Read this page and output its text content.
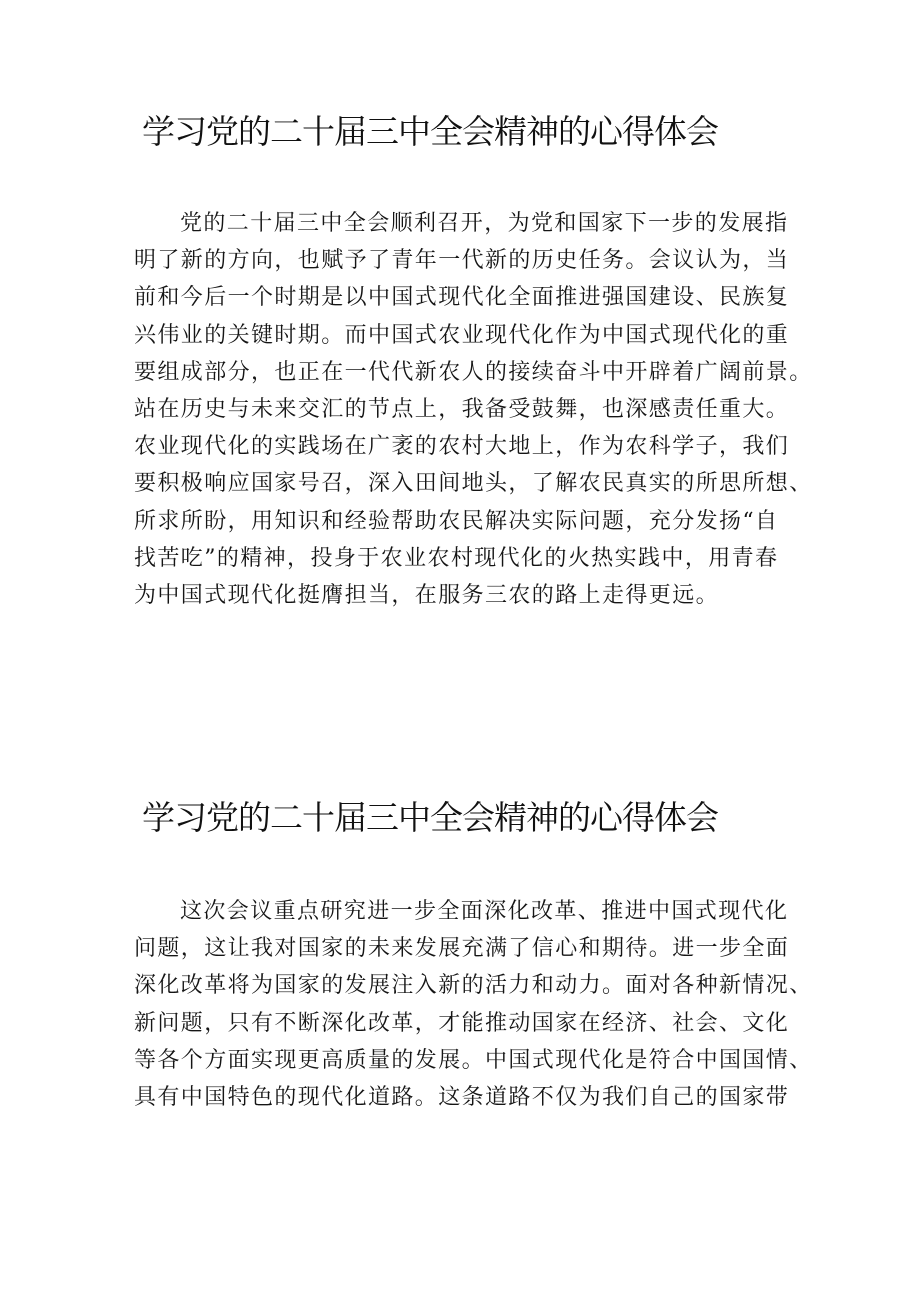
学习党的二十届三中全会精神的心得体会
党的二十届三中全会顺利召开，为党和国家下一步的发展指
明了新的方向，也赋予了青年一代新的历史任务。会议认为，当
前和今后一个时期是以中国式现代化全面推进强国建设、民族复
兴伟业的关键时期。而中国式农业现代化作为中国式现代化的重
要组成部分，也正在一代代新农人的接续奋斗中开辟着广阔前景。
站在历史与未来交汇的节点上，我备受鼓舞，也深感责任重大。
农业现代化的实践场在广袤的农村大地上，作为农科学子，我们
要积极响应国家号召，深入田间地头，了解农民真实的所思所想、
所求所盼，用知识和经验帮助农民解决实际问题，充分发扬“自
找苦吃”的精神，投身于农业农村现代化的火热实践中，用青春
为中国式现代化挺膺担当，在服务三农的路上走得更远。
学习党的二十届三中全会精神的心得体会
这次会议重点研究进一步全面深化改革、推进中国式现代化
问题，这让我对国家的未来发展充满了信心和期待。进一步全面
深化改革将为国家的发展注入新的活力和动力。面对各种新情况、
新问题，只有不断深化改革，才能推动国家在经济、社会、文化
等各个方面实现更高质量的发展。中国式现代化是符合中国国情、
具有中国特色的现代化道路。这条道路不仅为我们自己的国家带
